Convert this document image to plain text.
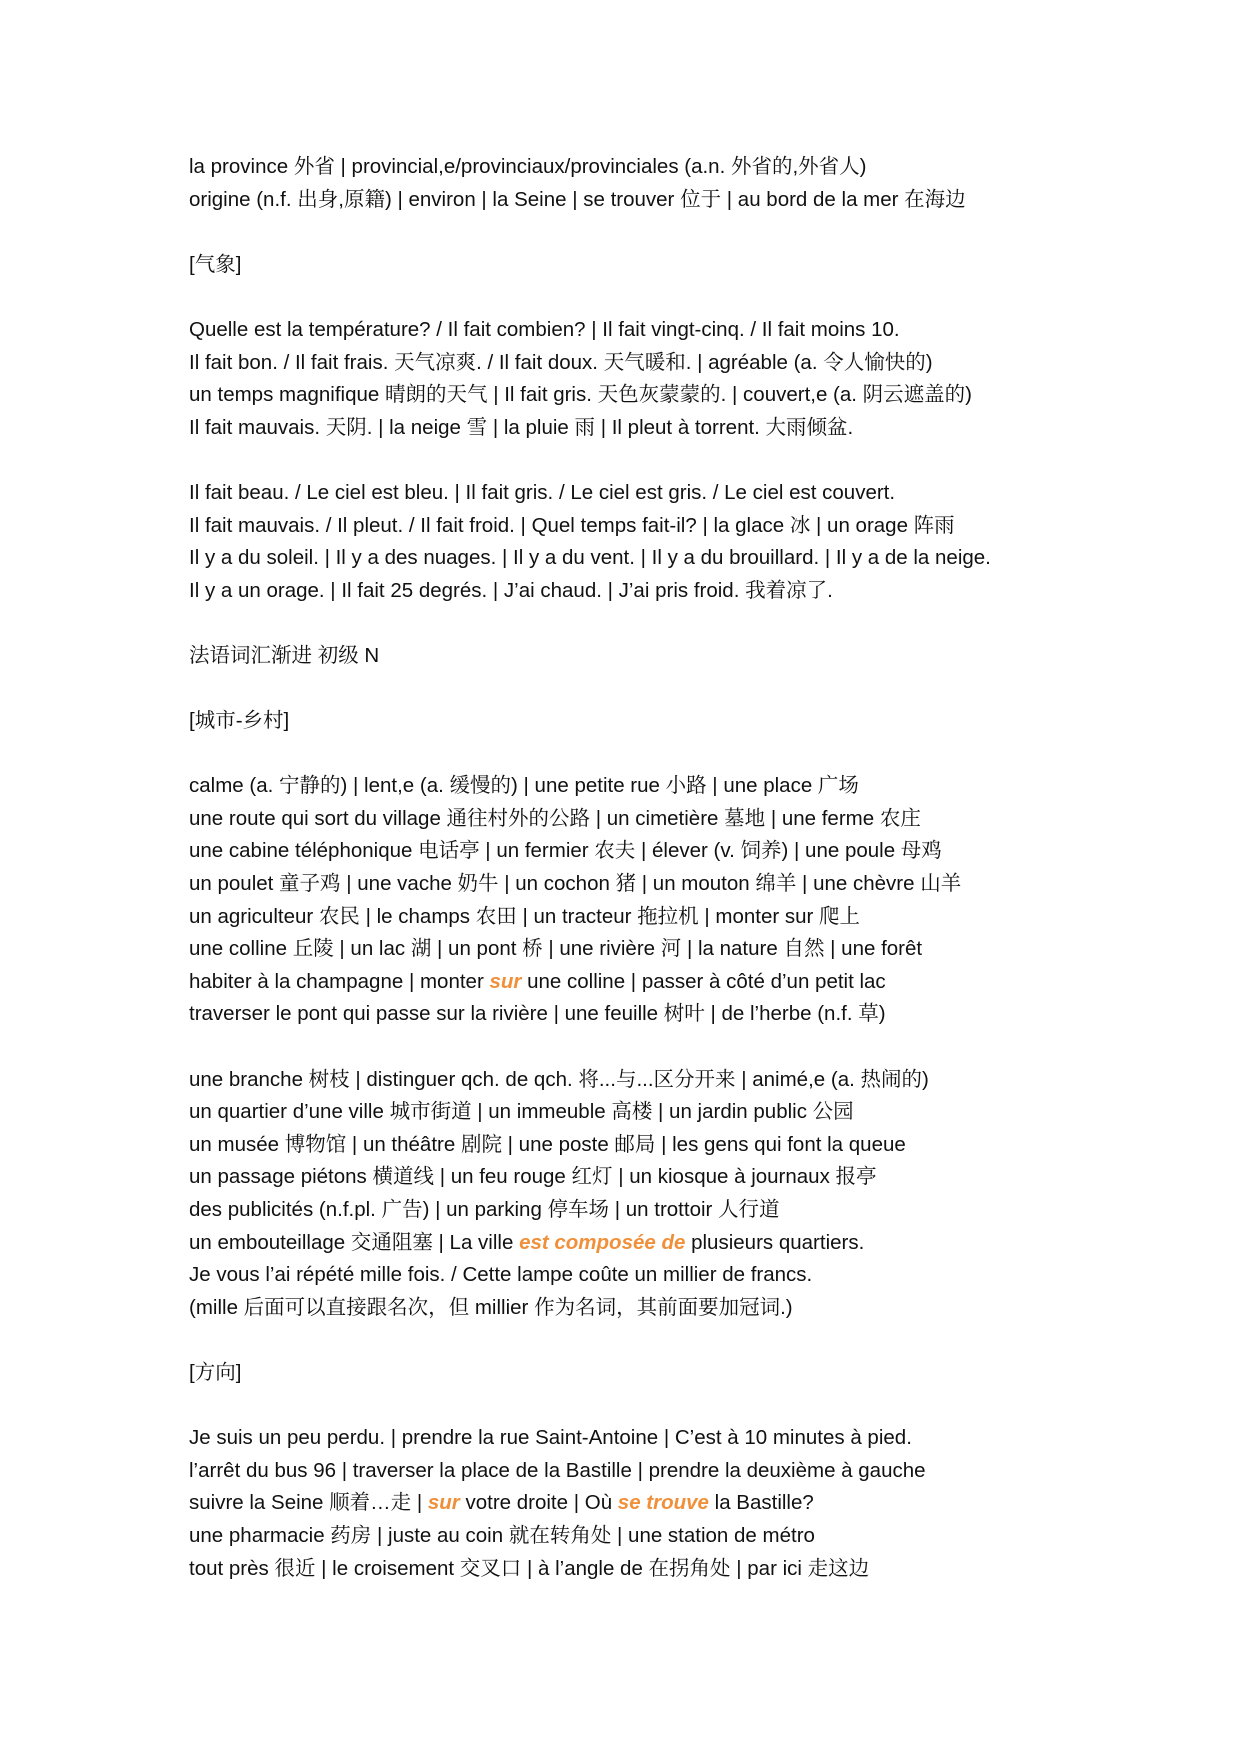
la province 外省 | provincial,e/provinciaux/provinciales (a.n. 外省的,外省人)
origine (n.f. 出身,原籍) | environ | la Seine | se trouver 位于 | au bord de la mer 在海边
[气象]
Quelle est la température? / Il fait combien? | Il fait vingt-cinq. / Il fait moins 10.
Il fait bon. / Il fait frais. 天气凉爽. / Il fait doux. 天气暖和. | agréable (a. 令人愉快的)
un temps magnifique 晴朗的天气 | Il fait gris. 天色灰蒙蒙的. | couvert,e (a. 阴云遮盖的)
Il fait mauvais. 天阴. | la neige 雪 | la pluie 雨 | Il pleut à torrent. 大雨倾盆.
Il fait beau. / Le ciel est bleu. | Il fait gris. / Le ciel est gris. / Le ciel est couvert.
Il fait mauvais. / Il pleut. / Il fait froid. | Quel temps fait-il? | la glace 冰 | un orage 阵雨
Il y a du soleil. | Il y a des nuages. | Il y a du vent. | Il y a du brouillard. | Il y a de la neige.
Il y a un orage. | Il fait 25 degrés. | J’ai chaud. | J’ai pris froid. 我着凉了.
法语词汇渐进 初级 N
[城市-乡村]
calme (a. 宁静的) | lent,e (a. 缓慢的) | une petite rue 小路 | une place 广场
une route qui sort du village 通往村外的公路 | un cimetière 墓地 | une ferme 农庄
une cabine téléphonique 电话亭 | un fermier 农夫 | élever (v. 饲养) | une poule 母鸡
un poulet 童子鸡 | une vache 奶牛 | un cochon 猪 | un mouton 绵羊 | une chèvre 山羊
un agriculteur 农民 | le champs 农田 | un tracteur 拖拉机 | monter sur 爬上
une colline 丘陵 | un lac 湖 | un pont 桥 | une rivière 河 | la nature 自然 | une forêt
habiter à la champagne | monter sur une colline | passer à côté d’un petit lac
traverser le pont qui passe sur la rivière | une feuille 树叶 | de l’herbe (n.f. 草)
une branche 树枝 | distinguer qch. de qch. 将...与...区分开来 | animé,e (a. 热闹的)
un quartier d’une ville 城市街道 | un immeuble 高楼 | un jardin public 公园
un musée 博物馆 | un théâtre 剧院 | une poste 邮局 | les gens qui font la queue
un passage piétons 横道线 | un feu rouge 红灯 | un kiosque à journaux 报亭
des publicités (n.f.pl. 广告) | un parking 停车场 | un trottoir 人行道
un embouteillage 交通阻塞 | La ville est composée de plusieurs quartiers.
Je vous l’ai répété mille fois. / Cette lampe coûte un millier de francs.
(mille 后面可以直接跟名次，但 millier 作为名词，其前面要加冠词.)
[方向]
Je suis un peu perdu. | prendre la rue Saint-Antoine | C’est à 10 minutes à pied.
l’arrêt du bus 96 | traverser la place de la Bastille | prendre la deuxième à gauche
suivre la Seine 顺着…走 | sur votre droite | Où se trouve la Bastille?
une pharmacie 药房 | juste au coin 就在转角处 | une station de métro
tout près 很近 | le croisement 交叉口 | à l’angle de 在拐角处 | par ici 走这边
